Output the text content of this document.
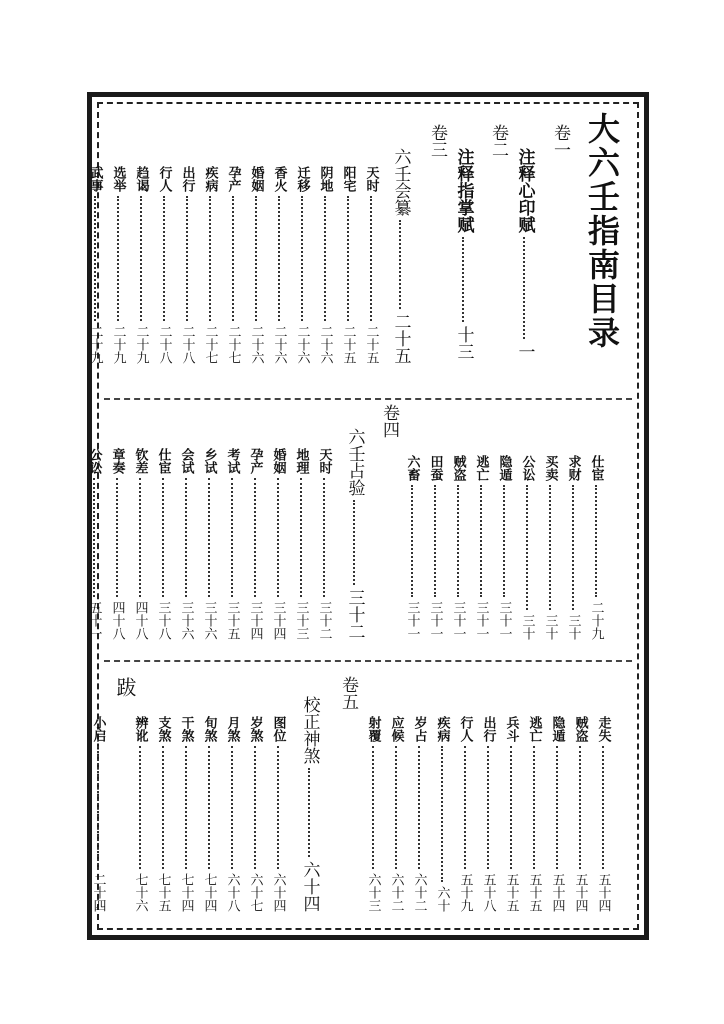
大六壬指南目录
卷一
卷二
卷三
卷四
卷五
跋
注释心印赋
一
注释指掌赋
十三
六壬会纂
二十五
天时
二十五
阳宅
二十五
阴地
二十六
迁移
二十六
香火
二十六
婚姻
二十六
孕产
二十七
疾病
二十七
出行
二十八
行人
二十八
趋谒
二十九
选举
二十九
武事
二十九
仕宦
二十九
求财
三十
买卖
三十
公讼
三十
隐遁
三十一
逃亡
三十一
贼盗
三十一
田蚕
三十一
六畜
三十一
六壬占验
三十二
天时
三十二
地理
三十三
婚姻
三十四
孕产
三十四
考试
三十五
乡试
三十六
会试
三十六
仕宦
三十八
钦差
四十八
章奏
四十八
公讼
五十一
走失
五十四
贼盗
五十四
隐遁
五十四
逃亡
五十五
兵斗
五十五
出行
五十八
行人
五十九
疾病
六十
岁占
六十二
应候
六十二
射覆
六十三
校正神煞
六十四
图位
六十四
岁煞
六十七
月煞
六十八
旬煞
七十四
干煞
七十四
支煞
七十五
辨讹
七十六
小启
二十四
